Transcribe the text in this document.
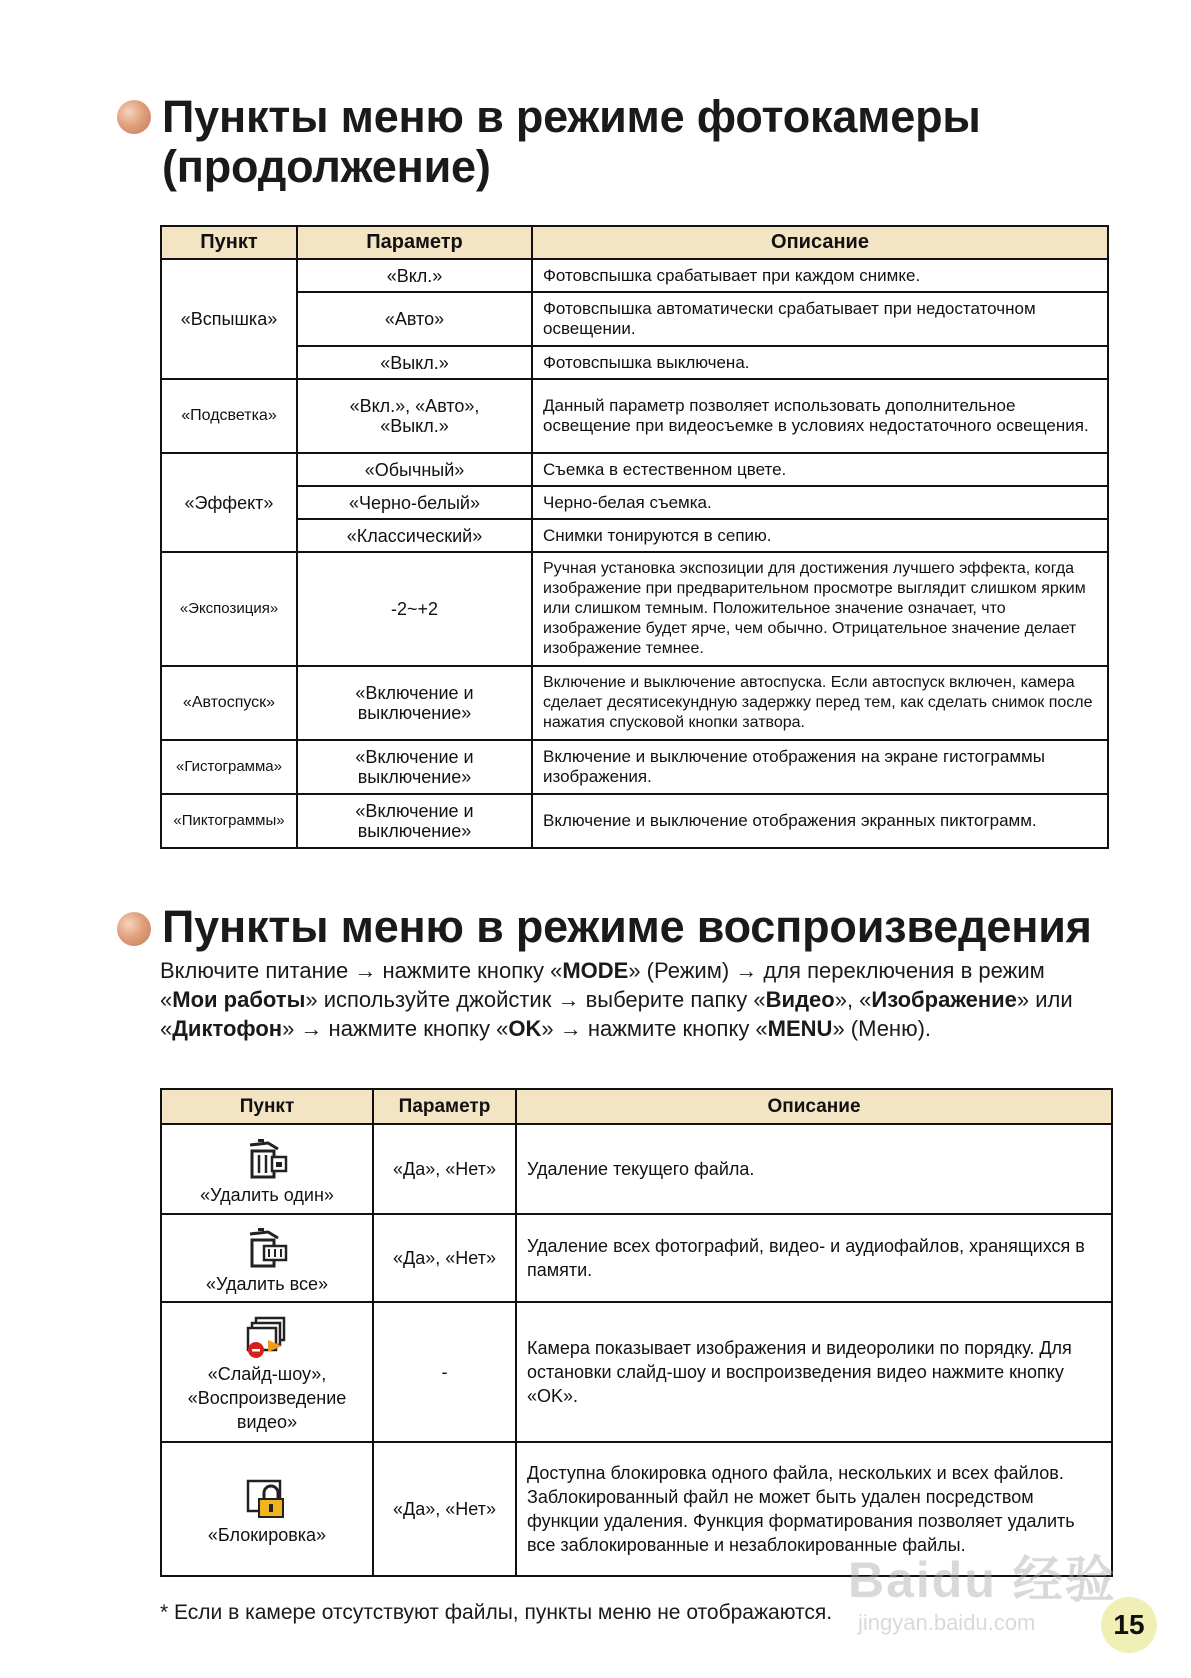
Пункты меню в режиме фотокамеры
(продолжение)
Пункт	Параметр	Описание
«Вспышка»	«Вкл.»	Фотовспышка срабатывает при каждом снимке.
	«Авто»	Фотовспышка автоматически срабатывает при недостаточном освещении.
	«Выкл.»	Фотовспышка выключена.
«Подсветка»	«Вкл.», «Авто», «Выкл.»	Данный параметр позволяет использовать дополнительное освещение при видеосъемке в условиях недостаточного освещения.
«Эффект»	«Обычный»	Съемка в естественном цвете.
	«Черно-белый»	Черно-белая съемка.
	«Классический»	Снимки тонируются в сепию.
«Экспозиция»	-2~+2	Ручная установка экспозиции для достижения лучшего эффекта, когда изображение при предварительном просмотре выглядит слишком ярким или слишком темным. Положительное значение означает, что изображение будет ярче, чем обычно. Отрицательное значение делает изображение темнее.
«Автоспуск»	«Включение и выключение»	Включение и выключение автоспуска. Если автоспуск включен, камера сделает десятисекундную задержку перед тем, как сделать снимок после нажатия спусковой кнопки затвора.
«Гистограмма»	«Включение и выключение»	Включение и выключение отображения на экране гистограммы изображения.
«Пиктограммы»	«Включение и выключение»	Включение и выключение отображения экранных пиктограмм.
Пункты меню в режиме воспроизведения
Включите питание → нажмите кнопку «MODE» (Режим) → для переключения в режим «Мои работы» используйте джойстик → выберите папку «Видео», «Изображение» или «Диктофон» → нажмите кнопку «OK» → нажмите кнопку «MENU» (Меню).
Пункт	Параметр	Описание

«Удалить один»	«Да», «Нет»	Удаление текущего файла.

«Удалить все»	«Да», «Нет»	Удаление всех фотографий, видео- и аудиофайлов, хранящихся в памяти.

«Слайд-шоу», «Воспроизведение видео»	-	Камера показывает изображения и видеоролики по порядку. Для остановки слайд-шоу и воспроизведения видео нажмите кнопку «OK».

«Блокировка»	«Да», «Нет»	Доступна блокировка одного файла, нескольких и всех файлов. Заблокированный файл не может быть удален посредством функции удаления. Функция форматирования позволяет удалить все заблокированные и незаблокированные файлы.
Baidu 经验
jingyan.baidu.com
* Если в камере отсутствуют файлы, пункты меню не отображаются.	15
